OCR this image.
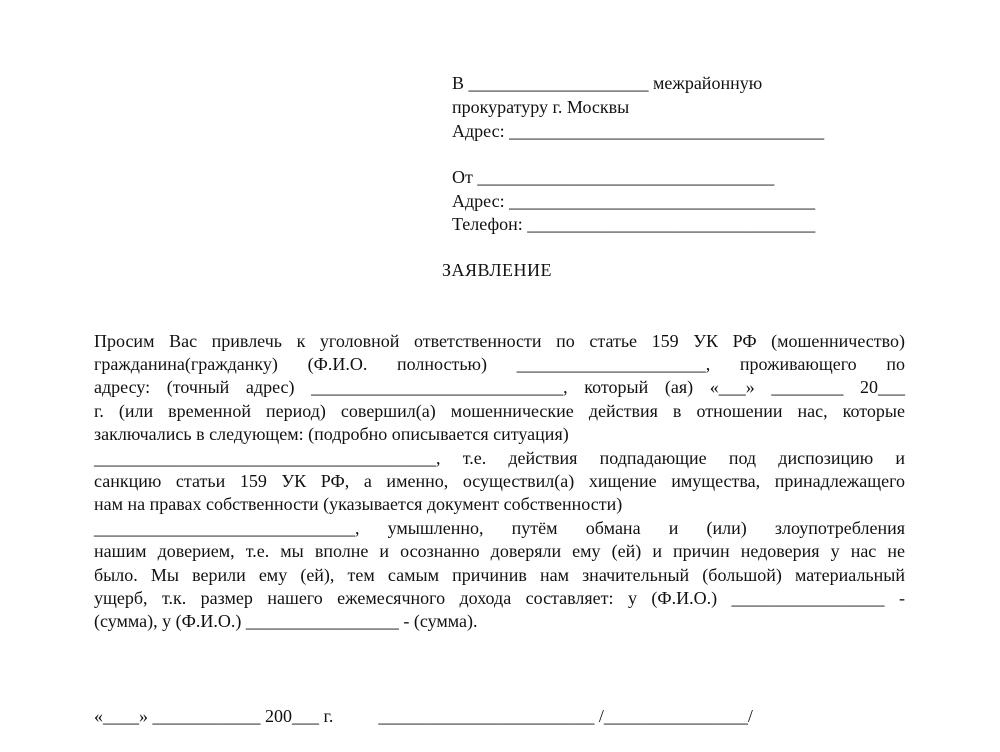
В ____________________ межрайонную
прокуратуру г. Москвы
Адрес: ___________________________________
От _________________________________
Адрес: __________________________________
Телефон: ________________________________
ЗАЯВЛЕНИЕ
Просим Вас привлечь к уголовной ответственности по статье 159 УК РФ (мошенничество)
гражданина(гражданку) (Ф.И.О. полностью) _____________________, проживающего по
адресу: (точный адрес) ____________________________, который (ая) «___» ________ 20___
г. (или временной период) совершил(а) мошеннические действия в отношении нас, которые
заключались в следующем: (подробно описывается ситуация)
______________________________________, т.е. действия подпадающие под диспозицию и
санкцию статьи 159 УК РФ, а именно, осуществил(а) хищение имущества, принадлежащего
нам на правах собственности (указывается документ собственности)
_____________________________, умышленно, путём обмана и (или) злоупотребления
нашим доверием, т.е. мы вполне и осознанно доверяли ему (ей) и причин недоверия у нас не
было. Мы верили ему (ей), тем самым причинив нам значительный (большой) материальный
ущерб, т.к. размер нашего ежемесячного дохода составляет: у (Ф.И.О.) _________________ -
(сумма), у (Ф.И.О.) _________________ - (сумма).
«____» ____________ 200___ г.          ________________________ /________________/
